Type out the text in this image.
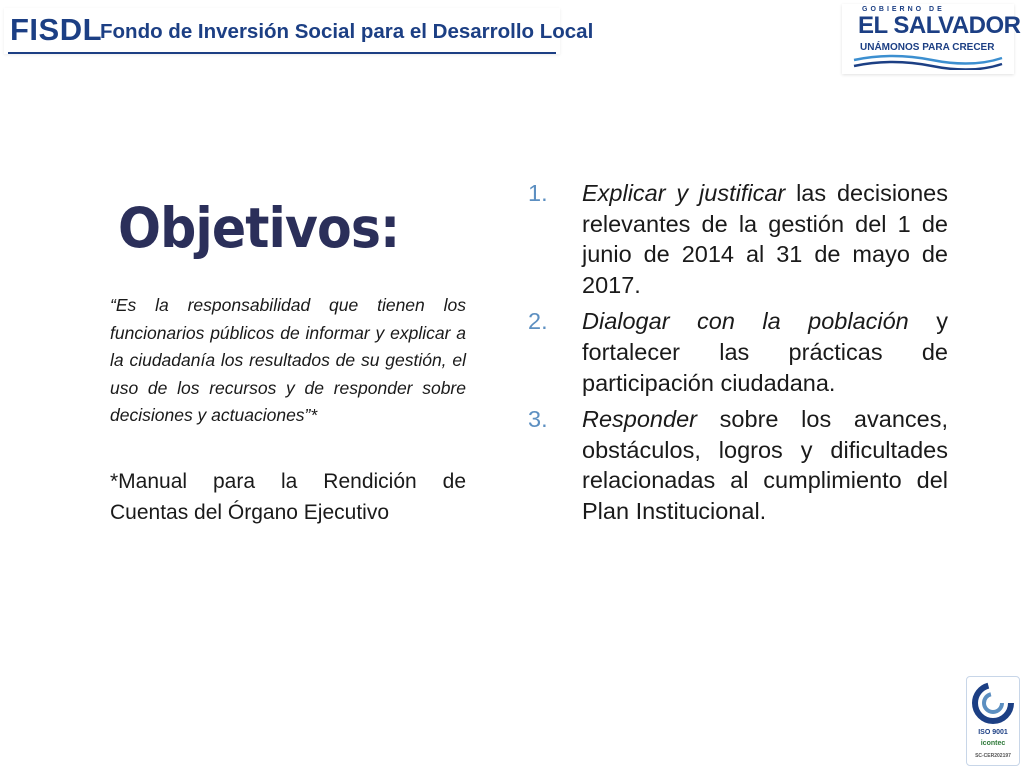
FISDL
Fondo de Inversión Social para el Desarrollo Local
GOBIERNO DE
EL SALVADOR
UNÁMONOS PARA CRECER
Objetivos:

“Es la responsabilidad que tienen los funcionarios públicos de informar y explicar a la ciudadanía los resultados de su gestión, el uso de los recursos y de responder sobre decisiones y actuaciones”*

*Manual para la Rendición de Cuentas del Órgano Ejecutivo

1.	Explicar y justificar las decisiones relevantes de la gestión del 1 de junio de 2014 al 31 de mayo de 2017.
2.	Dialogar con la población y fortalecer las prácticas de participación ciudadana.
3.	Responder sobre los avances, obstáculos, logros y dificultades relacionadas al cumplimiento del Plan Institucional.
ISO 9001
icontec
SC-CER202197
